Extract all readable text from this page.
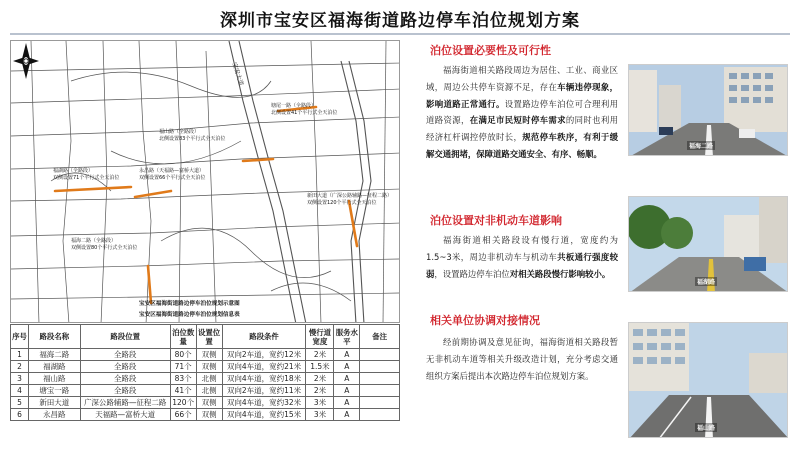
深圳市宝安区福海街道路边停车泊位规划方案
宝安大道
塘尾一路（全路段）
北侧设置41个平行式全天泊位
福山路（全路段）
北侧设置83个平行式全天泊位
福湖路（全路段）
双侧设置71个平行式全天泊位
永昌路（天福路—富桥大道）
双侧设置66个平行式全天泊位
新田大道（广深公路辅路—征程二路）
双侧设置120个平行式全天泊位
福海二路（全路段）
双侧设置80个平行式全天泊位
宝安区福海街道路边停车泊位规划示意图
宝安区福海街道路边停车泊位规划信息表
序号	路段名称	路段位置	泊位数量	设置位置	路段条件	慢行道宽度	服务水平	备注
1	福海二路	全路段	80个	双侧	双向2车道，宽约12米	2米	A	
2	福湖路	全路段	71个	双侧	双向4车道，宽约21米	1.5米	A	
3	福山路	全路段	83个	北侧	双向4车道，宽约18米	2米	A	
4	塘宝一路	全路段	41个	北侧	双向2车道，宽约11米	2米	A	
5	新田大道	广深公路辅路—征程二路	120个	双侧	双向4车道，宽约32米	3米	A	
6	永昌路	天福路—富桥大道	66个	双侧	双向4车道，宽约15米	3米	A	
泊位设置必要性及可行性
福海街道相关路段周边为居住、工业、商业区域，周边公共停车资源不足，存在车辆违停现象，影响道路正常通行。设置路边停车泊位可合理利用道路资源，在满足市民短时停车需求的同时也利用经济杠杆调控停放时长，规范停车秩序，有利于缓解交通拥堵，保障道路交通安全、有序、畅顺。
福海二路
泊位设置对非机动车道影响
福海街道相关路段设有慢行道，宽度约为1.5~3米，周边非机动车与机动车共板通行强度较弱，设置路边停车泊位对相关路段慢行影响较小。
福湖路
相关单位协调对接情况
经前期协调及意见征询，福海街道相关路段暂无非机动车道等相关升级改造计划，充分考虑交通组织方案后提出本次路边停车泊位规划方案。
福山路
